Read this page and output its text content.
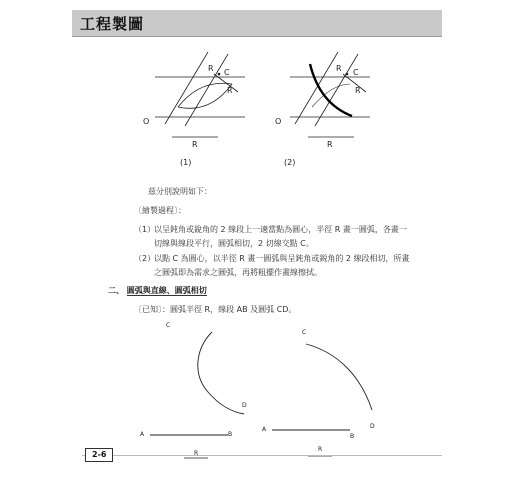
工程製圖
O
R
R C
R
O
R
R C
R
(1)	(2)
茲分別說明如下：
〔繪製過程〕：
（1）
以呈鈍角或銳角的 2 線段上一適當點為圓心，半徑 R 畫一圓弧，各畫一
切線與線段平行，圓弧相切，2 切線交點 C。
（2）
以點 C 為圓心，以半徑 R 畫一圓弧與呈鈍角或鋭角的 2 線段相切，所畫
之圓弧即為需求之圓弧，再將粗擺作畫線擦拭。
二、 圓弧與直線、圓弧相切
〔已知〕：圓弧半徑 R，線段 AB 及圓弧 CD。
C
D
A	B
R
C
D
A
B
R
2-6
